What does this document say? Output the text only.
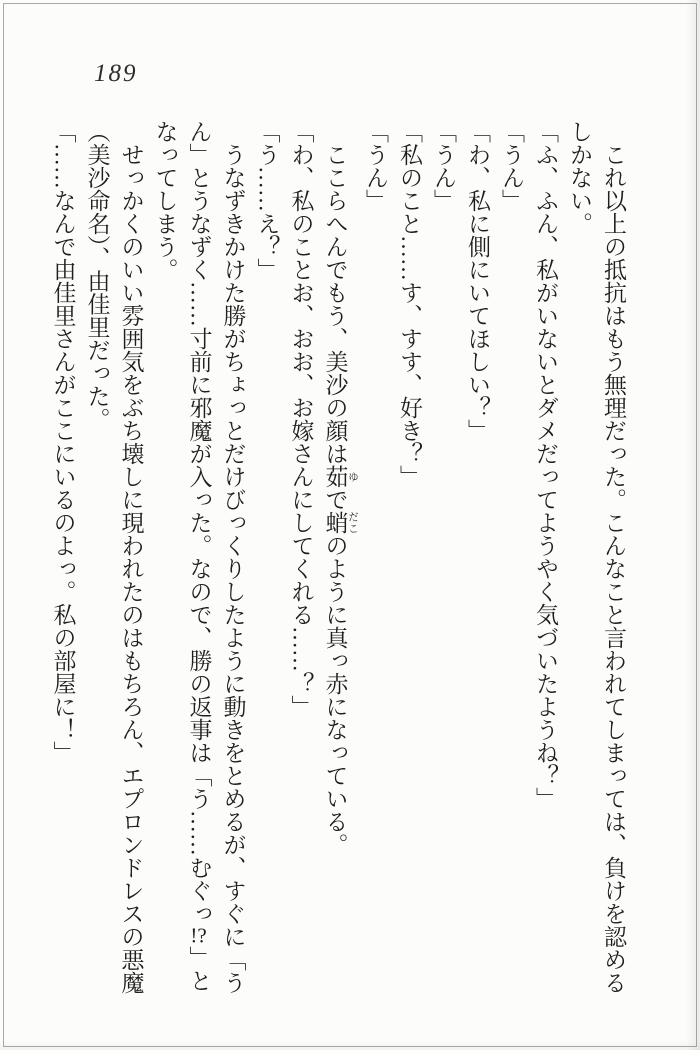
189
これ以上の抵抗はもう無理だった。こんなこと言われてしまっては、負けを認める
しかない。
「ふ、ふん、私がいないとダメだってようやく気づいたようね？」
「うん」
「わ、私に側にいてほしい？」
「うん」
「私のこと……す、すす、好き？」
「うん」
ここらへんでもう、美沙の顔は茹 ゆで蛸 だこのように真っ赤になっている。
「わ、私のことお、おお、お嫁さんにしてくれる……？」
「う……え？」
うなずきかけた勝がちょっとだけびっくりしたように動きをとめるが、すぐに「う
ん」とうなずく……寸前に邪魔が入った。なので、勝の返事は「う……むぐっ!?」と
なってしまう。
せっかくのいい雰囲気をぶち壊しに現われたのはもちろん、エプロンドレスの悪魔
（美沙命名）、由佳里だった。
「……なんで由佳里さんがここにいるのよっ。私の部屋に！」
